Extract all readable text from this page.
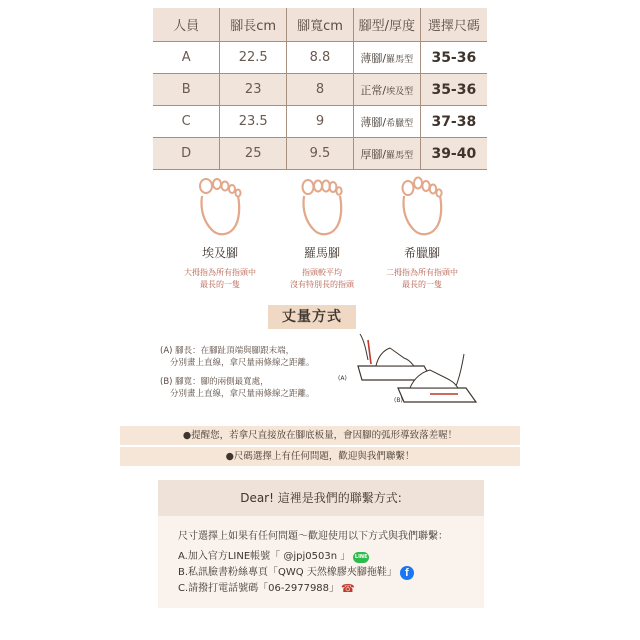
人員	腳長cm	腳寬cm	腳型/厚度	選擇尺碼
A	22.5	8.8	薄腳/羅馬型	35-36
B	23	8	正常/埃及型	35-36
C	23.5	9	薄腳/希臘型	37-38
D	25	9.5	厚腳/羅馬型	39-40
埃及腳
大拇指為所有指頭中
最長的一隻
羅馬腳
指頭較平均
沒有特別長的指頭
希臘腳
二拇指為所有指頭中
最長的一隻
丈量方式
(A) 腳長：在腳趾頂端與腳跟末端，
分別畫上直線，拿尺量兩條線之距離。
(B) 腳寬：腳的兩側最寬處，
分別畫上直線，拿尺量兩條線之距離。
(A)
(B)
●提醒您，若拿尺直接放在腳底板量，會因腳的弧形導致落差喔！
●尺碼選擇上有任何問題，歡迎與我們聯繫！
Dear! 這裡是我們的聯繫方式:
尺寸選擇上如果有任何問題～歡迎使用以下方式與我們聯繫：
A.加入官方LINE帳號「 @jpj0503n 」 LINE
B.私訊臉書粉絲專頁「QWQ 天然橡膠夾腳拖鞋」 f
C.請撥打電話號碼「06-2977988」 ☎
